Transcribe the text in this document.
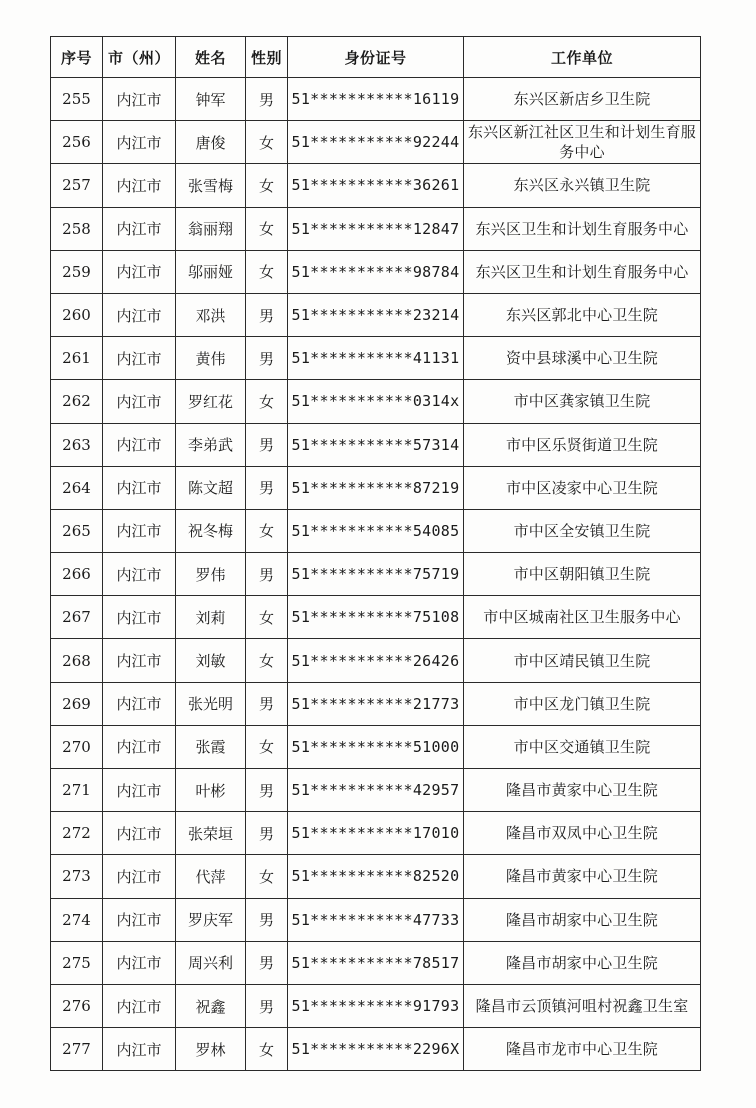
序号	市（州）	姓名	性别	身份证号	工作单位
255	内江市	钟军	男	51***********16119	东兴区新店乡卫生院
256	内江市	唐俊	女	51***********92244	东兴区新江社区卫生和计划生育服务中心
257	内江市	张雪梅	女	51***********36261	东兴区永兴镇卫生院
258	内江市	翁丽翔	女	51***********12847	东兴区卫生和计划生育服务中心
259	内江市	邬丽娅	女	51***********98784	东兴区卫生和计划生育服务中心
260	内江市	邓洪	男	51***********23214	东兴区郭北中心卫生院
261	内江市	黄伟	男	51***********41131	资中县球溪中心卫生院
262	内江市	罗红花	女	51***********0314x	市中区龚家镇卫生院
263	内江市	李弟武	男	51***********57314	市中区乐贤街道卫生院
264	内江市	陈文超	男	51***********87219	市中区凌家中心卫生院
265	内江市	祝冬梅	女	51***********54085	市中区全安镇卫生院
266	内江市	罗伟	男	51***********75719	市中区朝阳镇卫生院
267	内江市	刘莉	女	51***********75108	市中区城南社区卫生服务中心
268	内江市	刘敏	女	51***********26426	市中区靖民镇卫生院
269	内江市	张光明	男	51***********21773	市中区龙门镇卫生院
270	内江市	张霞	女	51***********51000	市中区交通镇卫生院
271	内江市	叶彬	男	51***********42957	隆昌市黄家中心卫生院
272	内江市	张荣垣	男	51***********17010	隆昌市双凤中心卫生院
273	内江市	代萍	女	51***********82520	隆昌市黄家中心卫生院
274	内江市	罗庆军	男	51***********47733	隆昌市胡家中心卫生院
275	内江市	周兴利	男	51***********78517	隆昌市胡家中心卫生院
276	内江市	祝鑫	男	51***********91793	隆昌市云顶镇河咀村祝鑫卫生室
277	内江市	罗林	女	51***********2296X	隆昌市龙市中心卫生院
